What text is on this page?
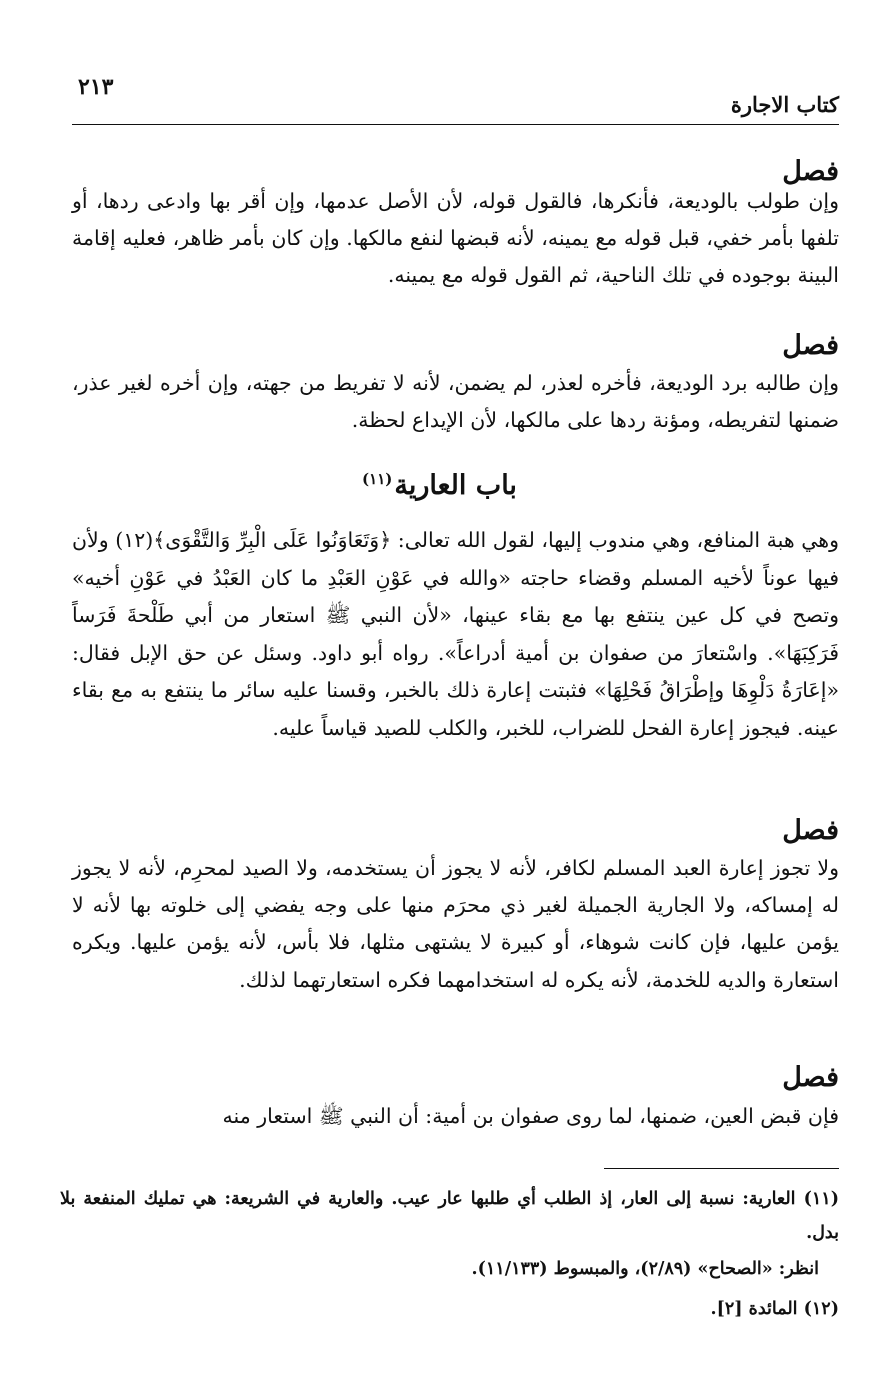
كتاب الاجارة
٢١٣
فصل
وإن طولب بالوديعة، فأنكرها، فالقول قوله، لأن الأصل عدمها، وإن أقر بها وادعى ردها، أو تلفها بأمر خفي، قبل قوله مع يمينه، لأنه قبضها لنفع مالكها. وإن كان بأمر ظاهر، فعليه إقامة البينة بوجوده في تلك الناحية، ثم القول قوله مع يمينه.
فصل
وإن طالبه برد الوديعة، فأخره لعذر، لم يضمن، لأنه لا تفريط من جهته، وإن أخره لغير عذر، ضمنها لتفريطه، ومؤنة ردها على مالكها، لأن الإيداع لحظة.
باب العارية$^{(١١)}$
وهي هبة المنافع، وهي مندوب إليها، لقول الله تعالى: ﴿وَتَعَاوَنُوا عَلَى الْبِرِّ وَالتَّقْوَى﴾(١٢) ولأن فيها عوناً لأخيه المسلم وقضاء حاجته «والله في عَوْنِ العَبْدِ ما كان العَبْدُ في عَوْنِ أخيه» وتصح في كل عين ينتفع بها مع بقاء عينها، «لأن النبي ﷺ استعار من أبي طَلْحةَ فَرَساً فَرَكِبَهَا». واسْتعارَ من صفوان بن أمية أدراعاً». رواه أبو داود. وسئل عن حق الإبل فقال: «إعَارَةُ دَلْوِهَا وإطْرَاقُ فَحْلِهَا» فثبتت إعارة ذلك بالخبر، وقسنا عليه سائر ما ينتفع به مع بقاء عينه. فيجوز إعارة الفحل للضراب، للخبر، والكلب للصيد قياساً عليه.
فصل
ولا تجوز إعارة العبد المسلم لكافر، لأنه لا يجوز أن يستخدمه، ولا الصيد لمحرِم، لأنه لا يجوز له إمساكه، ولا الجارية الجميلة لغير ذي محرَم منها على وجه يفضي إلى خلوته بها لأنه لا يؤمن عليها، فإن كانت شوهاء، أو كبيرة لا يشتهى مثلها، فلا بأس، لأنه يؤمن عليها. ويكره استعارة والديه للخدمة، لأنه يكره له استخدامهما فكره استعارتهما لذلك.
فصل
فإن قبض العين، ضمنها، لما روى صفوان بن أمية: أن النبي ﷺ استعار منه
(١١) العارية: نسبة إلى العار، إذ الطلب أي طلبها عار عيب. والعارية في الشريعة: هي تمليك المنفعة بلا بدل.
انظر: «الصحاح» (٢/٨٩)، والمبسوط (١١/١٣٣).
(١٢) المائدة [٢].
